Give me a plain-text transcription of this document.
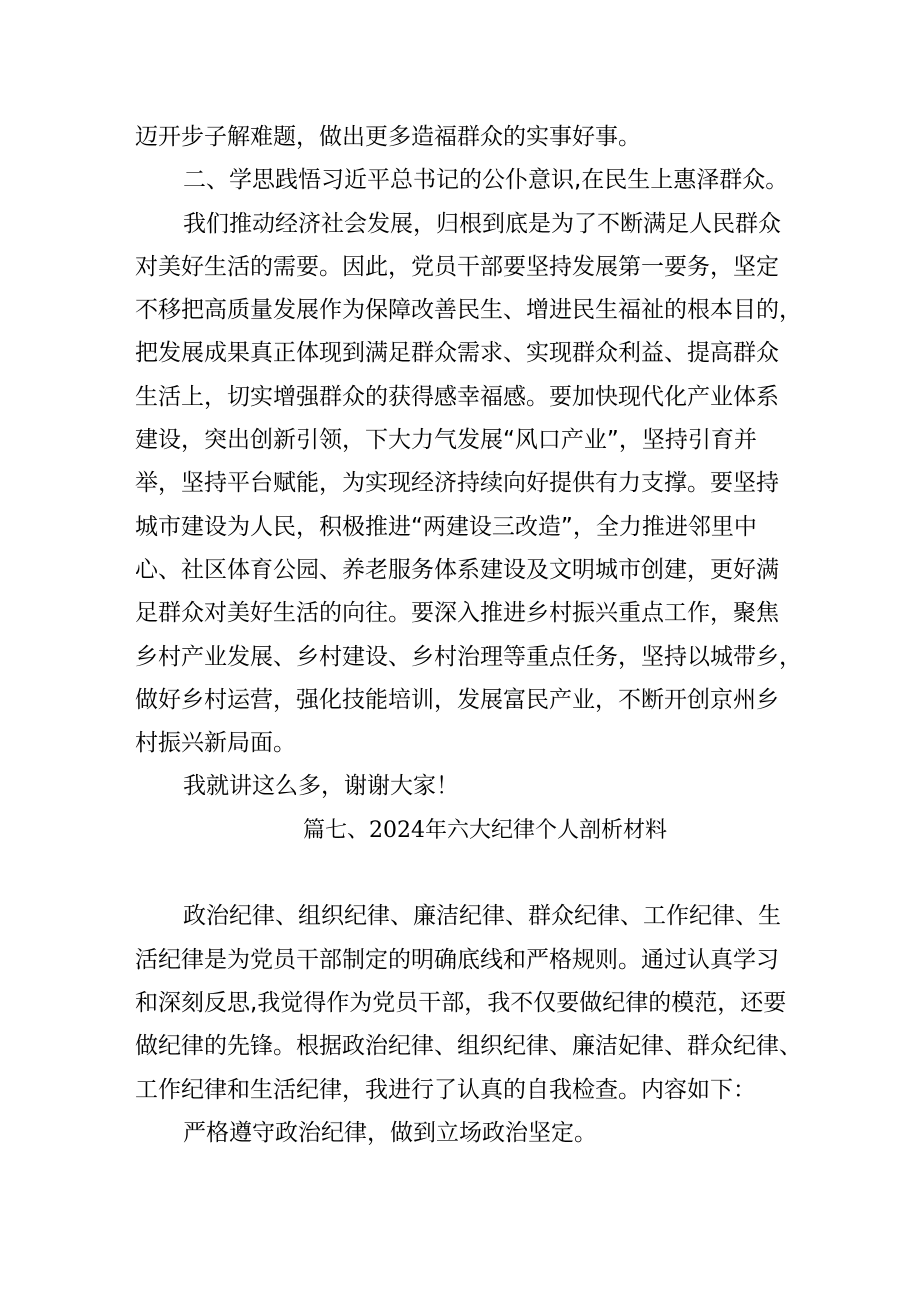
迈开步子解难题，做出更多造福群众的实事好事。
二、学思践悟习近平总书记的公仆意识,在民生上惠泽群众。
我们推动经济社会发展，归根到底是为了不断满足人民群众
对美好生活的需要。因此，党员干部要坚持发展第一要务，坚定
不移把高质量发展作为保障改善民生、增进民生福祉的根本目的，
把发展成果真正体现到满足群众需求、实现群众利益、提高群众
生活上，切实增强群众的获得感幸福感。要加快现代化产业体系
建设，突出创新引领，下大力气发展“风口产业”，坚持引育并
举，坚持平台赋能，为实现经济持续向好提供有力支撑。要坚持
城市建设为人民，积极推进“两建设三改造”，全力推进邻里中
心、社区体育公园、养老服务体系建设及文明城市创建，更好满
足群众对美好生活的向往。要深入推进乡村振兴重点工作，聚焦
乡村产业发展、乡村建设、乡村治理等重点任务，坚持以城带乡，
做好乡村运营，强化技能培训，发展富民产业，不断开创京州乡
村振兴新局面。
我就讲这么多，谢谢大家！
篇七、2024年六大纪律个人剖析材料
政治纪律、组织纪律、廉洁纪律、群众纪律、工作纪律、生
活纪律是为党员干部制定的明确底线和严格规则。通过认真学习
和深刻反思,我觉得作为党员干部，我不仅要做纪律的模范，还要
做纪律的先锋。根据政治纪律、组织纪律、廉洁妃律、群众纪律、
工作纪律和生活纪律，我进行了认真的自我检查。内容如下：
严格遵守政治纪律，做到立场政治坚定。
